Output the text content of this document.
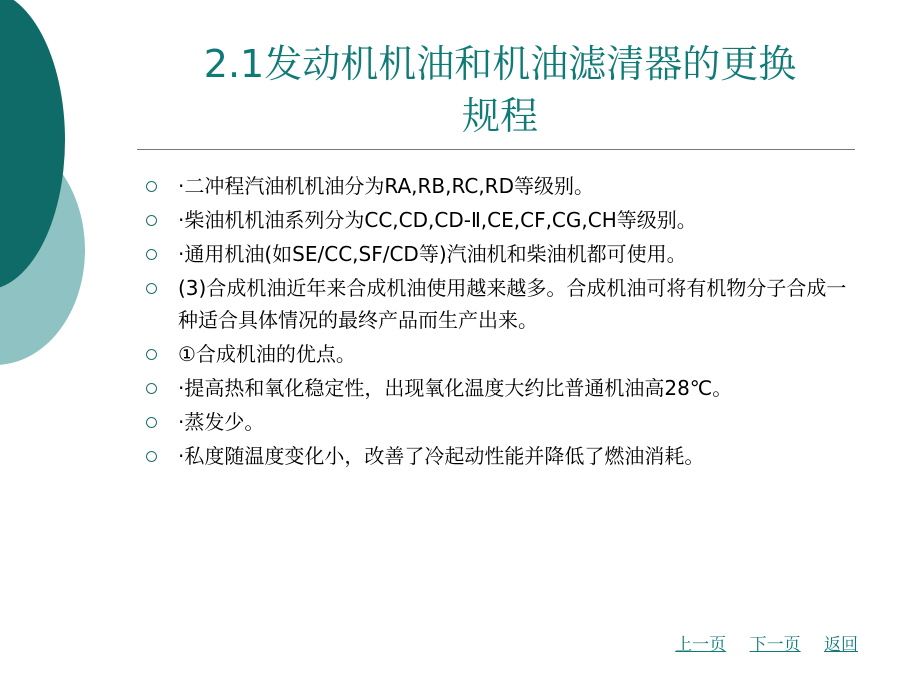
2.1发动机机油和机油滤清器的更换
规程
·二冲程汽油机机油分为RA,RB,RC,RD等级别。
·柴油机机油系列分为CC,CD,CD-Ⅱ,CE,CF,CG,CH等级别。
·通用机油(如SE/CC,SF/CD等)汽油机和柴油机都可使用。
(3)合成机油近年来合成机油使用越来越多。合成机油可将有机物分子合成一种适合具体情况的最终产品而生产出来。
①合成机油的优点。
·提高热和氧化稳定性，出现氧化温度大约比普通机油高28℃。
·蒸发少。
·私度随温度变化小，改善了冷起动性能并降低了燃油消耗。
上一页 下一页 返回
